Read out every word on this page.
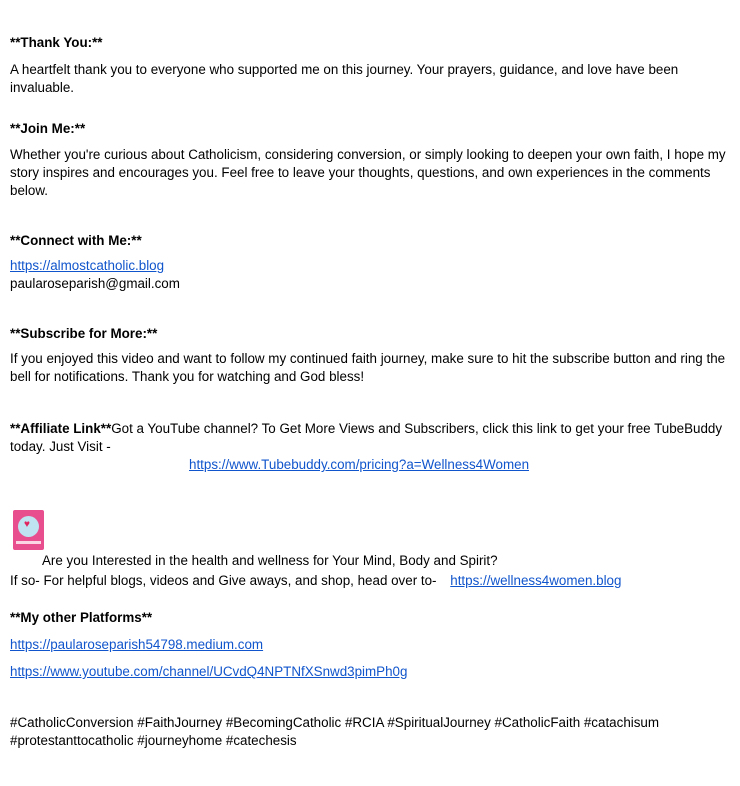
**Thank You:**
A heartfelt thank you to everyone who supported me on this journey. Your prayers, guidance, and love have been invaluable.
**Join Me:**
Whether you're curious about Catholicism, considering conversion, or simply looking to deepen your own faith, I hope my story inspires and encourages you. Feel free to leave your thoughts, questions, and own experiences in the comments below.
**Connect with Me:**
https://almostcatholic.blog
paularoseparish@gmail.com
**Subscribe for More:**
If you enjoyed this video and want to follow my continued faith journey, make sure to hit the subscribe button and ring the bell for notifications. Thank you for watching and God bless!
**Affiliate Link**Got a YouTube channel? To Get More Views and Subscribers, click this link to get your free TubeBuddy today. Just Visit -
https://www.Tubebuddy.com/pricing?a=Wellness4Women
♥
Are you Interested in the health and wellness for Your Mind, Body and Spirit?
If so- For helpful blogs, videos and Give aways, and shop, head over to- https://wellness4women.blog
**My other Platforms**
https://paularoseparish54798.medium.com
https://www.youtube.com/channel/UCvdQ4NPTNfXSnwd3pimPh0g
#CatholicConversion #FaithJourney #BecomingCatholic #RCIA #SpiritualJourney #CatholicFaith #catachisum #protestanttocatholic #journeyhome #catechesis
